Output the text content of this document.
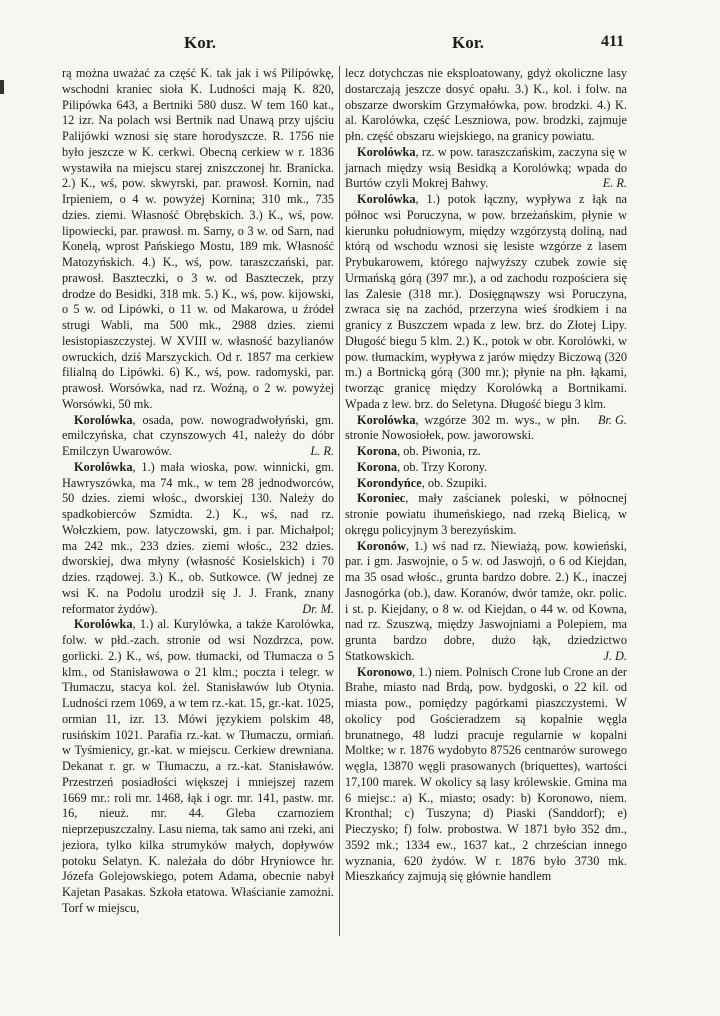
Kor.	Kor.	411

rą można uważać za część K. tak jak i wś Pilipówkę, wschodni kraniec sioła K. Ludności mają K. 820, Pilipówka 643, a Bertniki 580 dusz. W tem 160 kat., 12 izr. Na polach wsi Bertnik nad Unawą przy ujściu Palijówki wznosi się stare horodyszcze. R. 1756 nie było jeszcze w K. cerkwi. Obecną cerkiew w r. 1836 wystawiła na miejscu starej zniszczonej hr. Branicka. 2.) K., wś, pow. skwyrski, par. prawosł. Kornin, nad Irpieniem, o 4 w. powyżej Kornina; 310 mk., 735 dzies. ziemi. Własność Obrębskich. 3.) K., wś, pow. lipowiecki, par. prawosł. m. Sarny, o 3 w. od Sarn, nad Konelą, wprost Pańskiego Mostu, 189 mk. Własność Matozyńskich. 4.) K., wś, pow. taraszczański, par. prawosł. Baszteczki, o 3 w. od Baszteczek, przy drodze do Besidki, 318 mk. 5.) K., wś, pow. kijowski, o 5 w. od Lipówki, o 11 w. od Makarowa, u źródeł strugi Wabli, ma 500 mk., 2988 dzies. ziemi lesistopiaszczystej. W XVIII w. własność bazylianów owruckich, dziś Marszyckich. Od r. 1857 ma cerkiew filialną do Lipówki. 6) K., wś, pow. radomyski, par. prawosł. Worsówka, nad rz. Woźną, o 2 w. powyżej Worsówki, 50 mk.

Korolówka, osada, pow. nowogradwołyński, gm. emilczyńska, chat czynszowych 41, należy do dóbr Emilczyn Uwarowów.	L. R.

Korolówka, 1.) mała wioska, pow. winnicki, gm. Hawryszówka, ma 74 mk., w tem 28 jednodworców, 50 dzies. ziemi włośc., dworskiej 130. Należy do spadkobierców Szmidta. 2.) K., wś, nad rz. Wołczkiem, pow. latyczowski, gm. i par. Michałpol; ma 242 mk., 233 dzies. ziemi włośc., 232 dzies. dworskiej, dwa młyny (własność Kosielskich) i 70 dzies. rządowej. 3.) K., ob. Sutkowce. (W jednej ze wsi K. na Podolu urodził się J. J. Frank, znany reformator żydów).	Dr. M.

Korolówka, 1.) al. Kurylówka, a także Karolówka, folw. w płd.-zach. stronie od wsi Nozdrzca, pow. gorlicki. 2.) K., wś, pow. tłumacki, od Tłumacza o 5 klm., od Stanisławowa o 21 klm.; poczta i telegr. w Tłumaczu, stacya kol. żel. Stanisławów lub Otynia. Ludności rzem 1069, a w tem rz.-kat. 15, gr.-kat. 1025, ormian 11, izr. 13. Mówi językiem polskim 48, rusińskim 1021. Parafia rz.-kat. w Tłumaczu, ormiań. w Tyśmienicy, gr.-kat. w miejscu. Cerkiew drewniana. Dekanat r. gr. w Tłumaczu, a rz.-kat. Stanisławów. Przestrzeń posiadłości większej i mniejszej razem 1669 mr.: roli mr. 1468, łąk i ogr. mr. 141, pastw. mr. 16, nieuż. mr. 44. Gleba czarnoziem nieprzepuszczalny. Lasu niema, tak samo ani rzeki, ani jeziora, tylko kilka strumyków małych, dopływów potoku Selatyn. K. należała do dóbr Hryniowce hr. Józefa Golejowskiego, potem Adama, obecnie nabył Kajetan Pasakas. Szkoła etatowa. Właścianie zamożni. Torf w miejscu,

lecz dotychczas nie eksploatowany, gdyż okoliczne lasy dostarczają jeszcze dosyć opału. 3.) K., kol. i folw. na obszarze dworskim Grzymałówka, pow. brodzki. 4.) K. al. Karolówka, część Leszniowa, pow. brodzki, zajmuje płn. część obszaru wiejskiego, na granicy powiatu.

Korolówka, rz. w pow. taraszczańskim, zaczyna się w jarnach między wsią Besidką a Korolówką; wpada do Burtów czyli Mokrej Bahwy.	E. R.

Korolówka, 1.) potok łączny, wypływa z łąk na północ wsi Poruczyna, w pow. brzeżańskim, płynie w kierunku południowym, między wzgórzystą doliną, nad którą od wschodu wznosi się lesiste wzgórze z lasem Prybukarowem, którego najwyższy czubek zowie się Urmańską górą (397 mr.), a od zachodu rozpościera się las Zalesie (318 mr.). Dosięgnąwszy wsi Poruczyna, zwraca się na zachód, przerzyna wieś środkiem i na granicy z Buszczem wpada z lew. brz. do Złotej Lipy. Długość biegu 5 klm. 2.) K., potok w obr. Korolówki, w pow. tłumackim, wypływa z jarów między Biczową (320 m.) a Bortnicką górą (300 mr.); płynie na płn. łąkami, tworząc granicę między Korolówką a Bortnikami. Wpada z lew. brz. do Seletyna. Długość biegu 3 klm.
Br. G.

Korolówka, wzgórze 302 m. wys., w płn. stronie Nowosiołek, pow. jaworowski.

Korona, ob. Piwonia, rz.

Korona, ob. Trzy Korony.

Korondyńce, ob. Szupiki.

Koroniec, mały zaścianek poleski, w północnej stronie powiatu ihumeńskiego, nad rzeką Bielicą, w okręgu policyjnym 3 berezyńskim.

Koronów, 1.) wś nad rz. Niewiażą, pow. kowieński, par. i gm. Jaswojnie, o 5 w. od Jaswojń, o 6 od Kiejdan, ma 35 osad włośc., grunta bardzo dobre. 2.) K., inaczej Jasnogórka (ob.), daw. Koranów, dwór tamże, okr. polic. i st. p. Kiejdany, o 8 w. od Kiejdan, o 44 w. od Kowna, nad rz. Szuszwą, między Jaswojniami a Polepiem, ma grunta bardzo dobre, dużo łąk, dziedzictwo Statkowskich.	J. D.

Koronowo, 1.) niem. Polnisch Crone lub Crone an der Brahe, miasto nad Brdą, pow. bydgoski, o 22 kil. od miasta pow., pomiędzy pagórkami piaszczystemi. W okolicy pod Gościeradzem są kopalnie węgla brunatnego, 48 ludzi pracuje regularnie w kopalni Moltke; w r. 1876 wydobyto 87526 centnarów surowego węgla, 13870 węgli prasowanych (briquettes), wartości 17,100 marek. W okolicy są lasy królewskie. Gmina ma 6 miejsc.: a) K., miasto; osady: b) Koronowo, niem. Kronthal; c) Tuszyna; d) Piaski (Sanddorf); e) Pieczysko; f) folw. probostwa. W 1871 było 352 dm., 3592 mk.; 1334 ew., 1637 kat., 2 chrześcian innego wyznania, 620 żydów. W r. 1876 było 3730 mk. Mieszkańcy zajmują się głównie handlem
